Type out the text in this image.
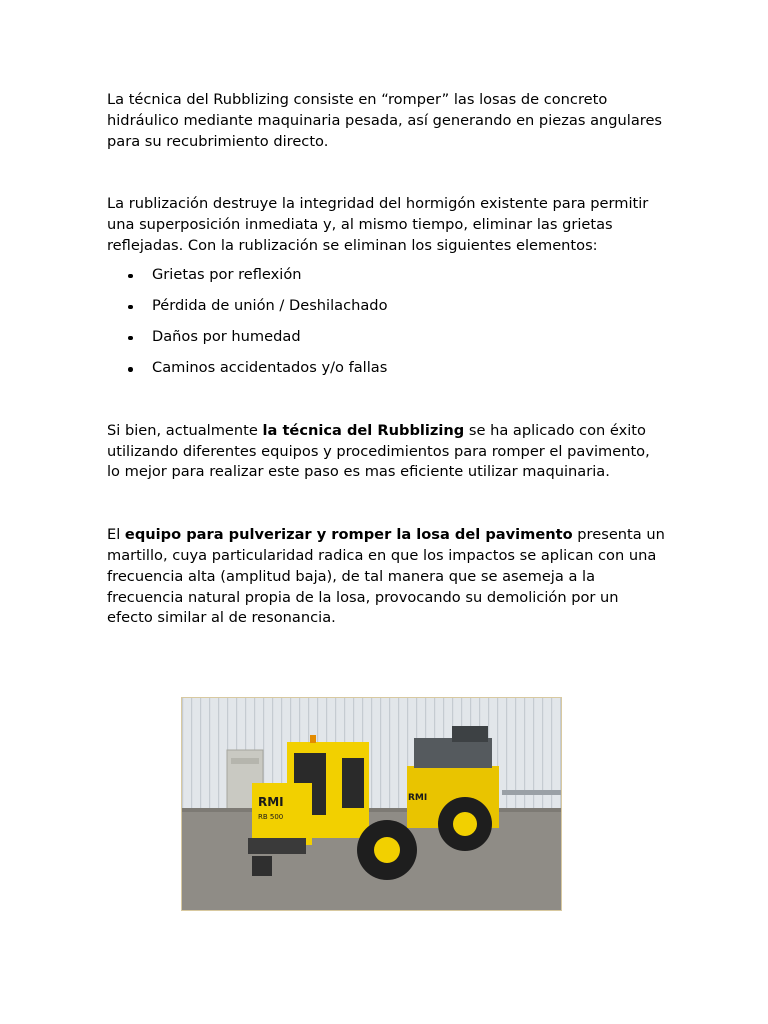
La técnica del Rubblizing consiste en “romper” las losas de concreto hidráulico mediante maquinaria pesada, así generando en piezas angulares para su recubrimiento directo.

La rublización destruye la integridad del hormigón existente para permitir una superposición inmediata y, al mismo tiempo, eliminar las grietas reflejadas. Con la rublización se eliminan los siguientes elementos:

Grietas por reflexión
Pérdida de unión / Deshilachado
Daños por humedad
Caminos accidentados y/o fallas

Si bien, actualmente la técnica del Rubblizing se ha aplicado con éxito utilizando diferentes equipos y procedimientos para romper el pavimento, lo mejor para realizar este paso es mas eficiente utilizar maquinaria.

El equipo para pulverizar y romper la losa del pavimento presenta un martillo, cuya particularidad radica en que los impactos se aplican con una frecuencia alta (amplitud baja), de tal manera que se asemeja a la frecuencia natural propia de la losa, provocando su demolición por un efecto similar al de resonancia.

RMI
RB 500
RMI
